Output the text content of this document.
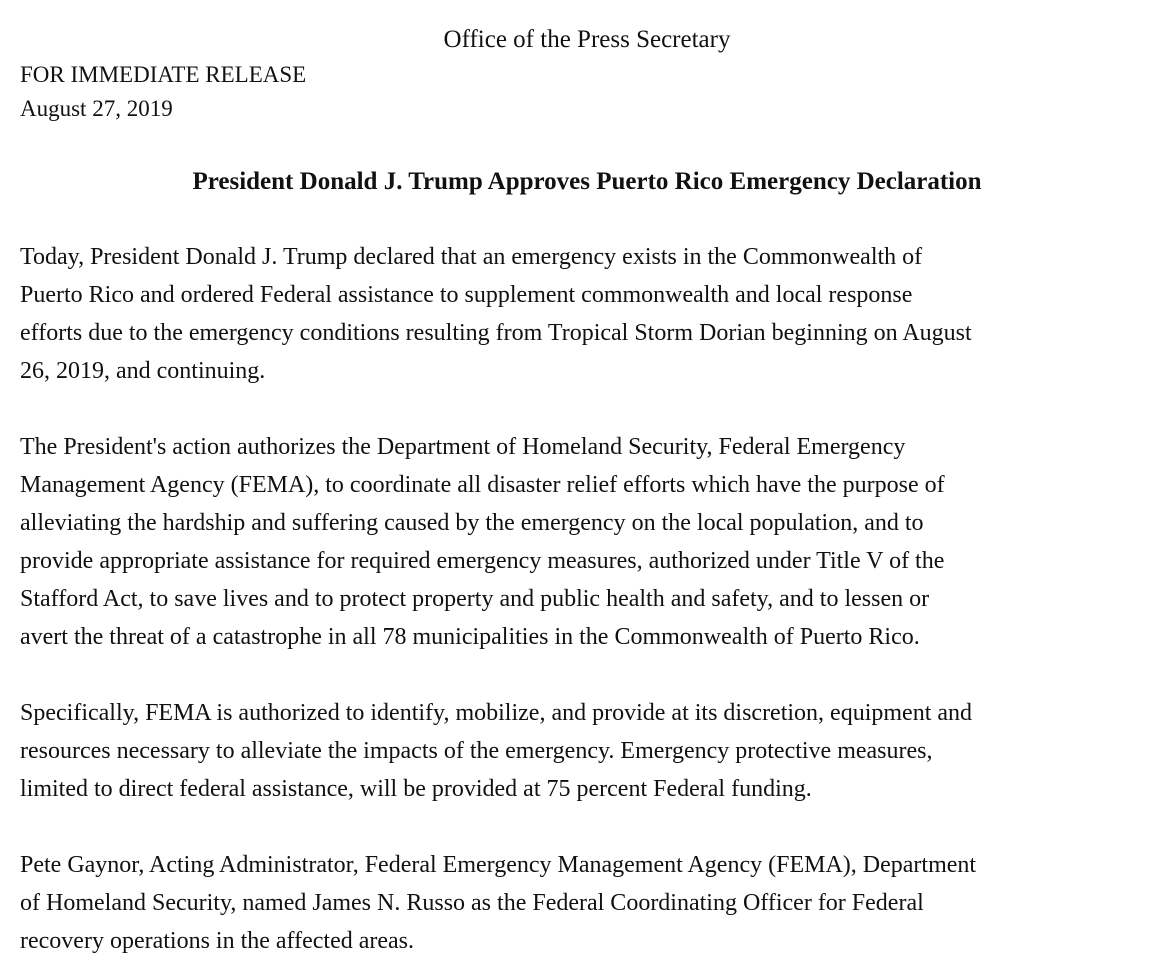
Office of the Press Secretary
FOR IMMEDIATE RELEASE
August 27, 2019
President Donald J. Trump Approves Puerto Rico Emergency Declaration
Today, President Donald J. Trump declared that an emergency exists in the Commonwealth of
Puerto Rico and ordered Federal assistance to supplement commonwealth and local response
efforts due to the emergency conditions resulting from Tropical Storm Dorian beginning on August
26, 2019, and continuing.
The President's action authorizes the Department of Homeland Security, Federal Emergency
Management Agency (FEMA), to coordinate all disaster relief efforts which have the purpose of
alleviating the hardship and suffering caused by the emergency on the local population, and to
provide appropriate assistance for required emergency measures, authorized under Title V of the
Stafford Act, to save lives and to protect property and public health and safety, and to lessen or
avert the threat of a catastrophe in all 78 municipalities in the Commonwealth of Puerto Rico.
Specifically, FEMA is authorized to identify, mobilize, and provide at its discretion, equipment and
resources necessary to alleviate the impacts of the emergency. Emergency protective measures,
limited to direct federal assistance, will be provided at 75 percent Federal funding.
Pete Gaynor, Acting Administrator, Federal Emergency Management Agency (FEMA), Department
of Homeland Security, named James N. Russo as the Federal Coordinating Officer for Federal
recovery operations in the affected areas.
